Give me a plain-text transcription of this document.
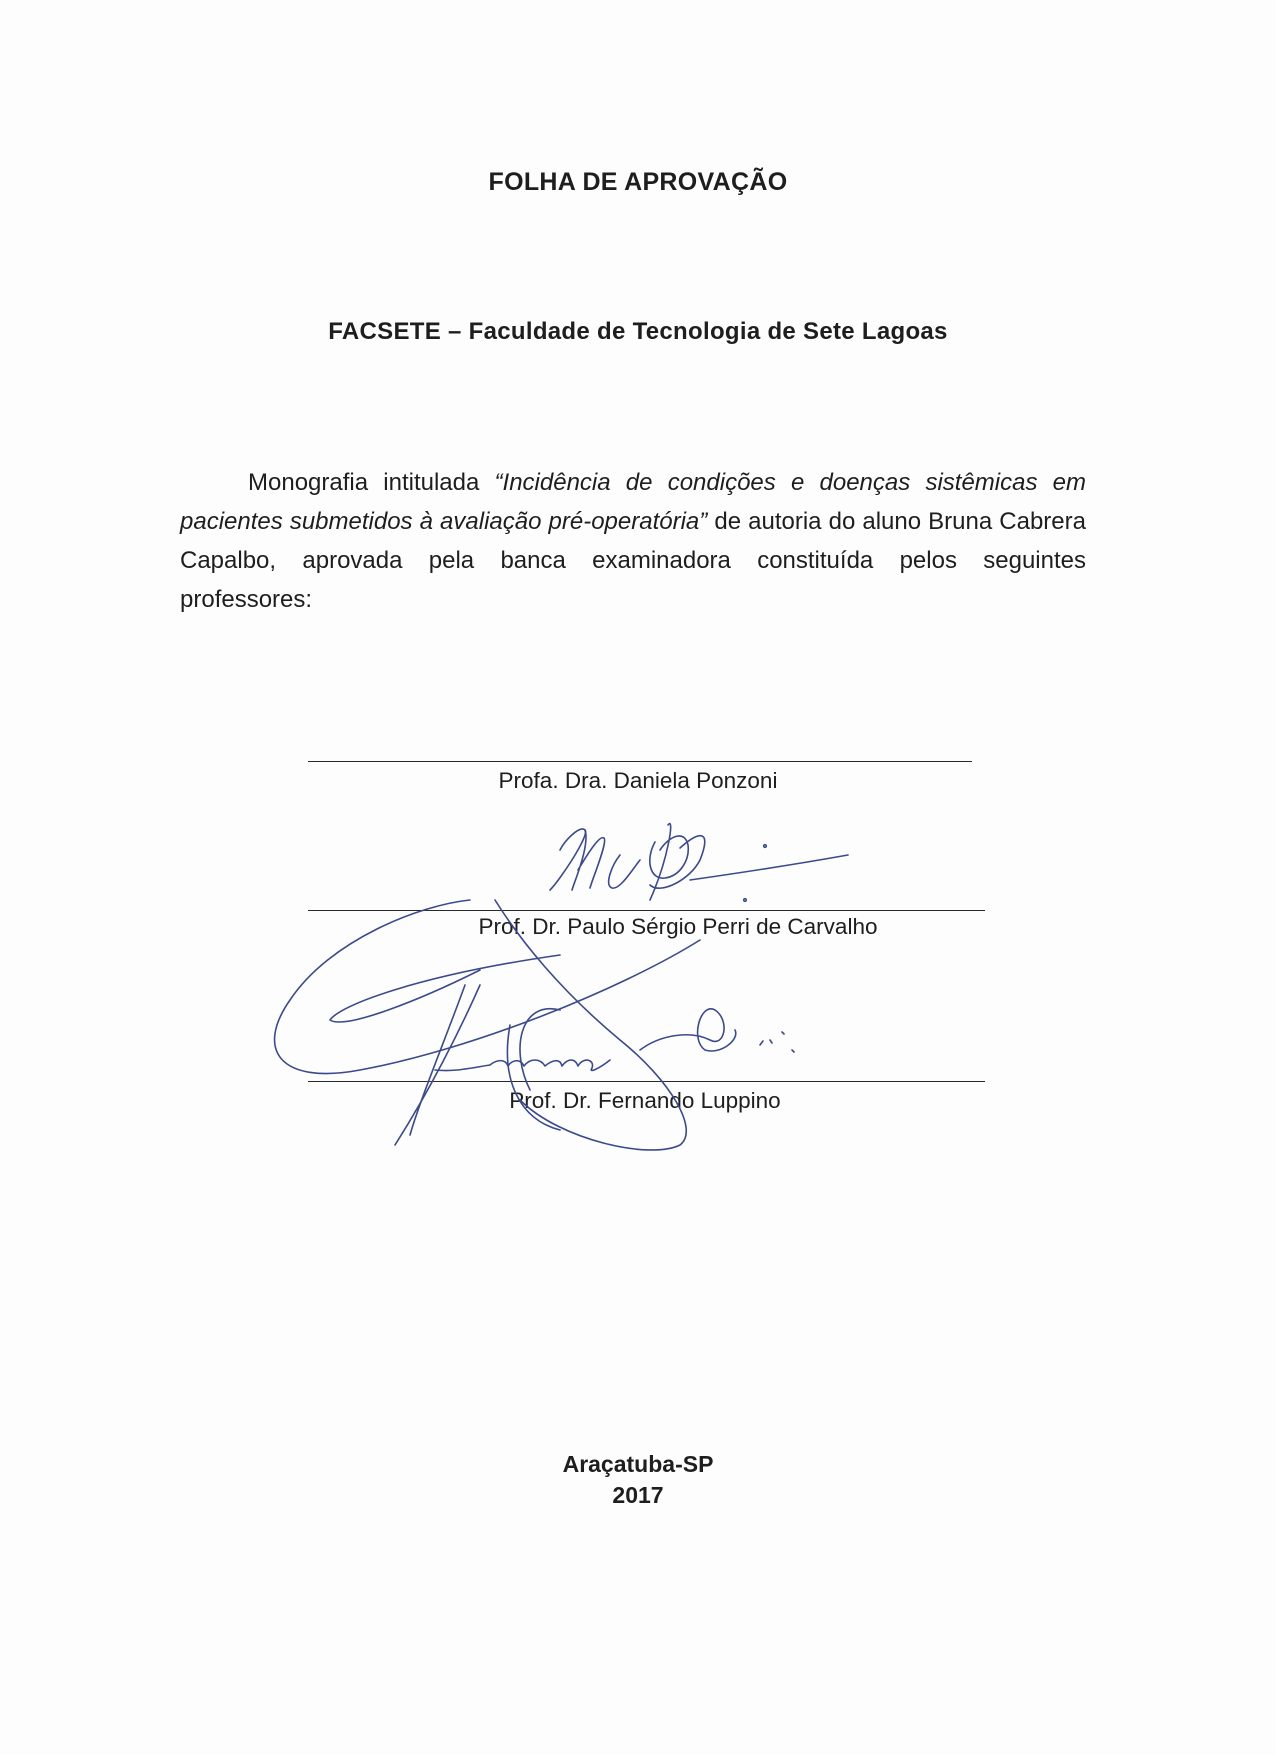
FOLHA DE APROVAÇÃO
FACSETE – Faculdade de Tecnologia de Sete Lagoas

Monografia intitulada “Incidência de condições e doenças sistêmicas em pacientes submetidos à avaliação pré-operatória” de autoria do aluno Bruna Cabrera Capalbo, aprovada pela banca examinadora constituída pelos seguintes professores:

Profa. Dra. Daniela Ponzoni
Prof. Dr. Paulo Sérgio Perri de Carvalho
Prof. Dr. Fernando Luppino
Araçatuba-SP
2017
